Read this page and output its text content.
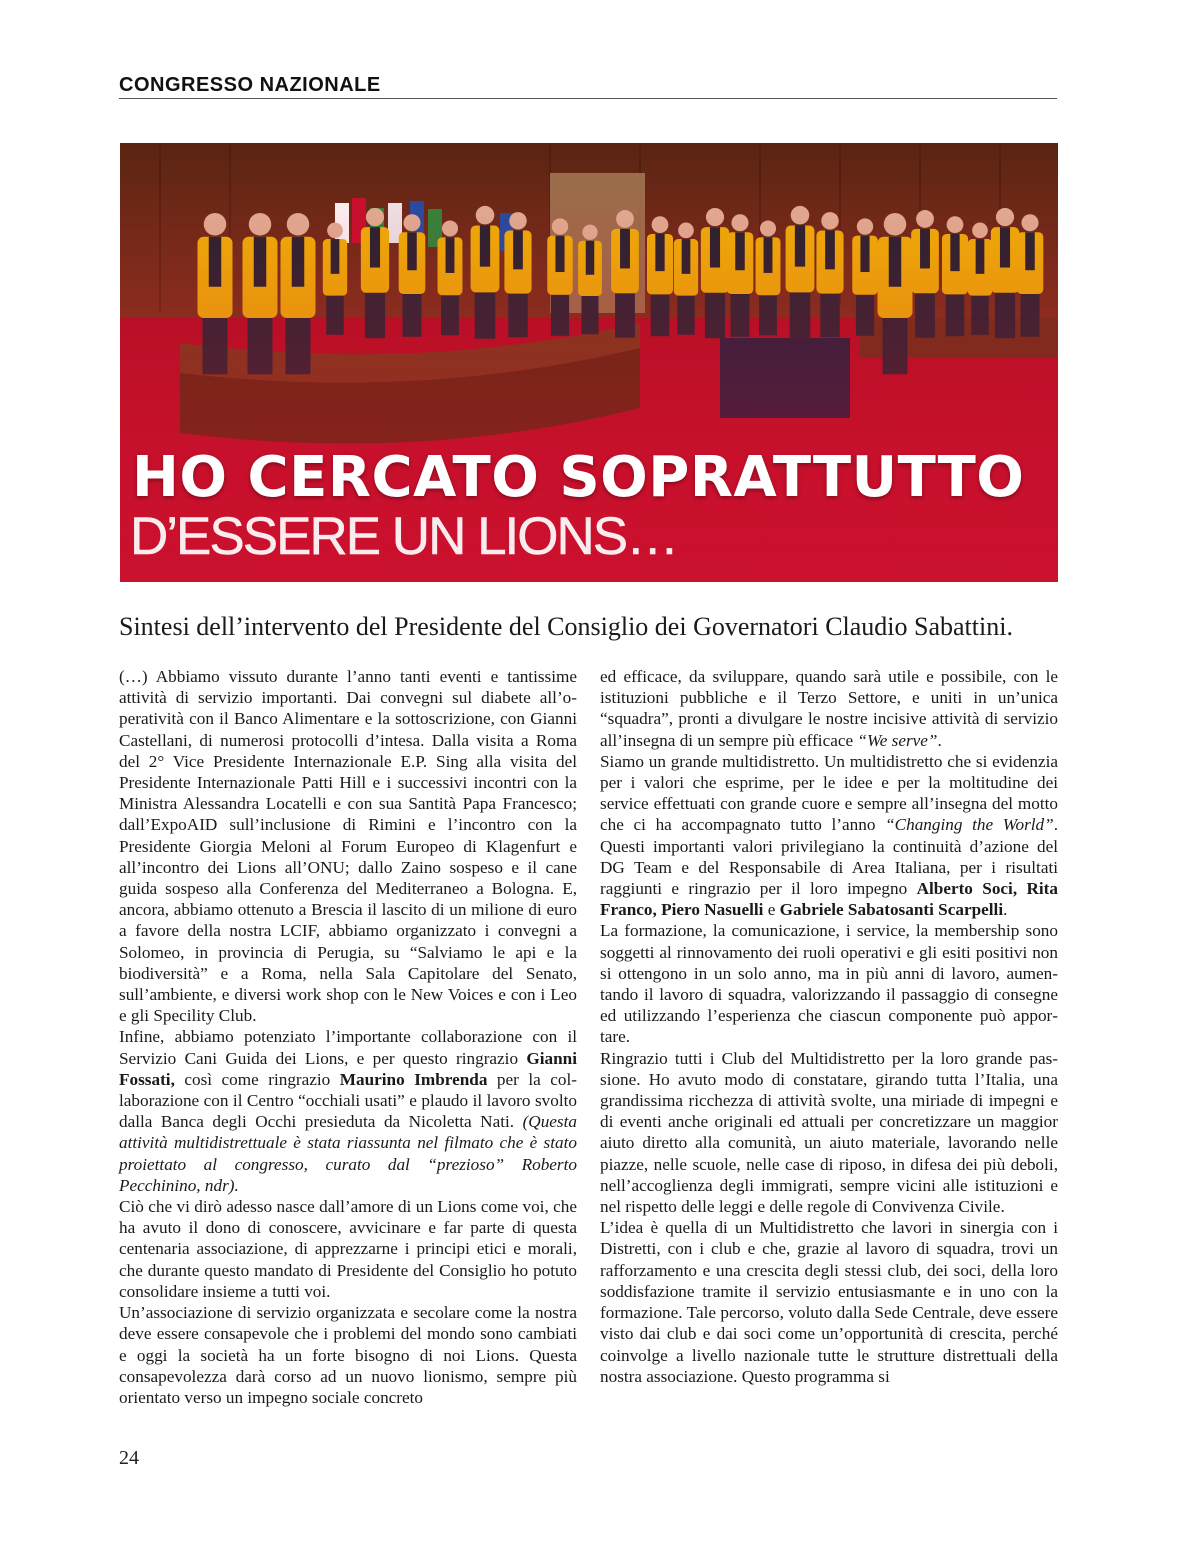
CONGRESSO NAZIONALE
HO CERCATO SOPRATTUTTO
D’ESSERE UN LIONS…
Sintesi dell’intervento del Presidente del Consiglio dei Governatori Claudio Sabattini.

(…) Abbiamo vissuto durante l’anno tanti eventi e tantissime attività di servizio importanti. Dai convegni sul diabete all’operatività con il Banco Alimentare e la sottoscrizione, con Gianni Castellani, di numerosi protocolli d’intesa. Dalla visita a Roma del 2° Vice Presidente Internazionale E.P. Sing alla visita del Presidente Internazionale Patti Hill e i successivi incontri con la Ministra Alessandra Locatelli e con sua Santità Papa Francesco; dall’ExpoAID sull’inclusione di Rimini e l’incontro con la Presidente Giorgia Meloni al Forum Europeo di Klagenfurt e all’incontro dei Lions all’ONU; dallo Zaino sospeso e il cane guida sospeso alla Conferenza del Mediterraneo a Bologna. E, ancora, abbiamo ottenuto a Brescia il lascito di un milione di euro a favore della nostra LCIF, abbiamo organizzato i convegni a Solomeo, in provincia di Perugia, su “Salviamo le api e la biodiversità” e a Roma, nella Sala Capitolare del Senato, sull’ambiente, e diversi work shop con le New Voices e con i Leo e gli Specility Club.

Infine, abbiamo potenziato l’importante collaborazione con il Servizio Cani Guida dei Lions, e per questo ringrazio Gianni Fossati, così come ringrazio Maurino Imbrenda per la collaborazione con il Centro “occhiali usati” e plaudo il lavoro svolto dalla Banca degli Occhi presieduta da Nicoletta Nati. (Questa attività multidistrettuale è stata riassunta nel filmato che è stato proiettato al congresso, curato dal “prezioso” Roberto Pecchinino, ndr).

Ciò che vi dirò adesso nasce dall’amore di un Lions come voi, che ha avuto il dono di conoscere, avvicinare e far parte di questa centenaria associazione, di apprezzarne i principi etici e morali, che durante questo mandato di Presidente del Consiglio ho potuto consolidare insieme a tutti voi.

Un’associazione di servizio organizzata e secolare come la nostra deve essere consapevole che i problemi del mondo sono cambiati e oggi la società ha un forte bisogno di noi Lions. Questa consapevolezza darà corso ad un nuovo lionismo, sempre più orientato verso un impegno sociale concreto

ed efficace, da sviluppare, quando sarà utile e possibile, con le istituzioni pubbliche e il Terzo Settore, e uniti in un’unica “squadra”, pronti a divulgare le nostre incisive attività di servizio all’insegna di un sempre più efficace “We serve”.

Siamo un grande multidistretto. Un multidistretto che si evidenzia per i valori che esprime, per le idee e per la moltitudine dei service effettuati con grande cuore e sempre all’insegna del motto che ci ha accompagnato tutto l’anno “Changing the World”. Questi importanti valori privilegiano la continuità d’azione del DG Team e del Responsabile di Area Italiana, per i risultati raggiunti e ringrazio per il loro impegno Alberto Soci, Rita Franco, Piero Nasuelli e Gabriele Sabatosanti Scarpelli.

La formazione, la comunicazione, i service, la membership sono soggetti al rinnovamento dei ruoli operativi e gli esiti positivi non si ottengono in un solo anno, ma in più anni di lavoro, aumentando il lavoro di squadra, valorizzando il passaggio di consegne ed utilizzando l’esperienza che ciascun componente può apportare.

Ringrazio tutti i Club del Multidistretto per la loro grande passione. Ho avuto modo di constatare, girando tutta l’Italia, una grandissima ricchezza di attività svolte, una miriade di impegni e di eventi anche originali ed attuali per concretizzare un maggior aiuto diretto alla comunità, un aiuto materiale, lavorando nelle piazze, nelle scuole, nelle case di riposo, in difesa dei più deboli, nell’accoglienza degli immigrati, sempre vicini alle istituzioni e nel rispetto delle leggi e delle regole di Convivenza Civile.

L’idea è quella di un Multidistretto che lavori in sinergia con i Distretti, con i club e che, grazie al lavoro di squadra, trovi un rafforzamento e una crescita degli stessi club, dei soci, della loro soddisfazione tramite il servizio entusiasmante e in uno con la formazione. Tale percorso, voluto dalla Sede Centrale, deve essere visto dai club e dai soci come un’opportunità di crescita, perché coinvolge a livello nazionale tutte le strutture distrettuali della nostra associazione. Questo programma si

24
